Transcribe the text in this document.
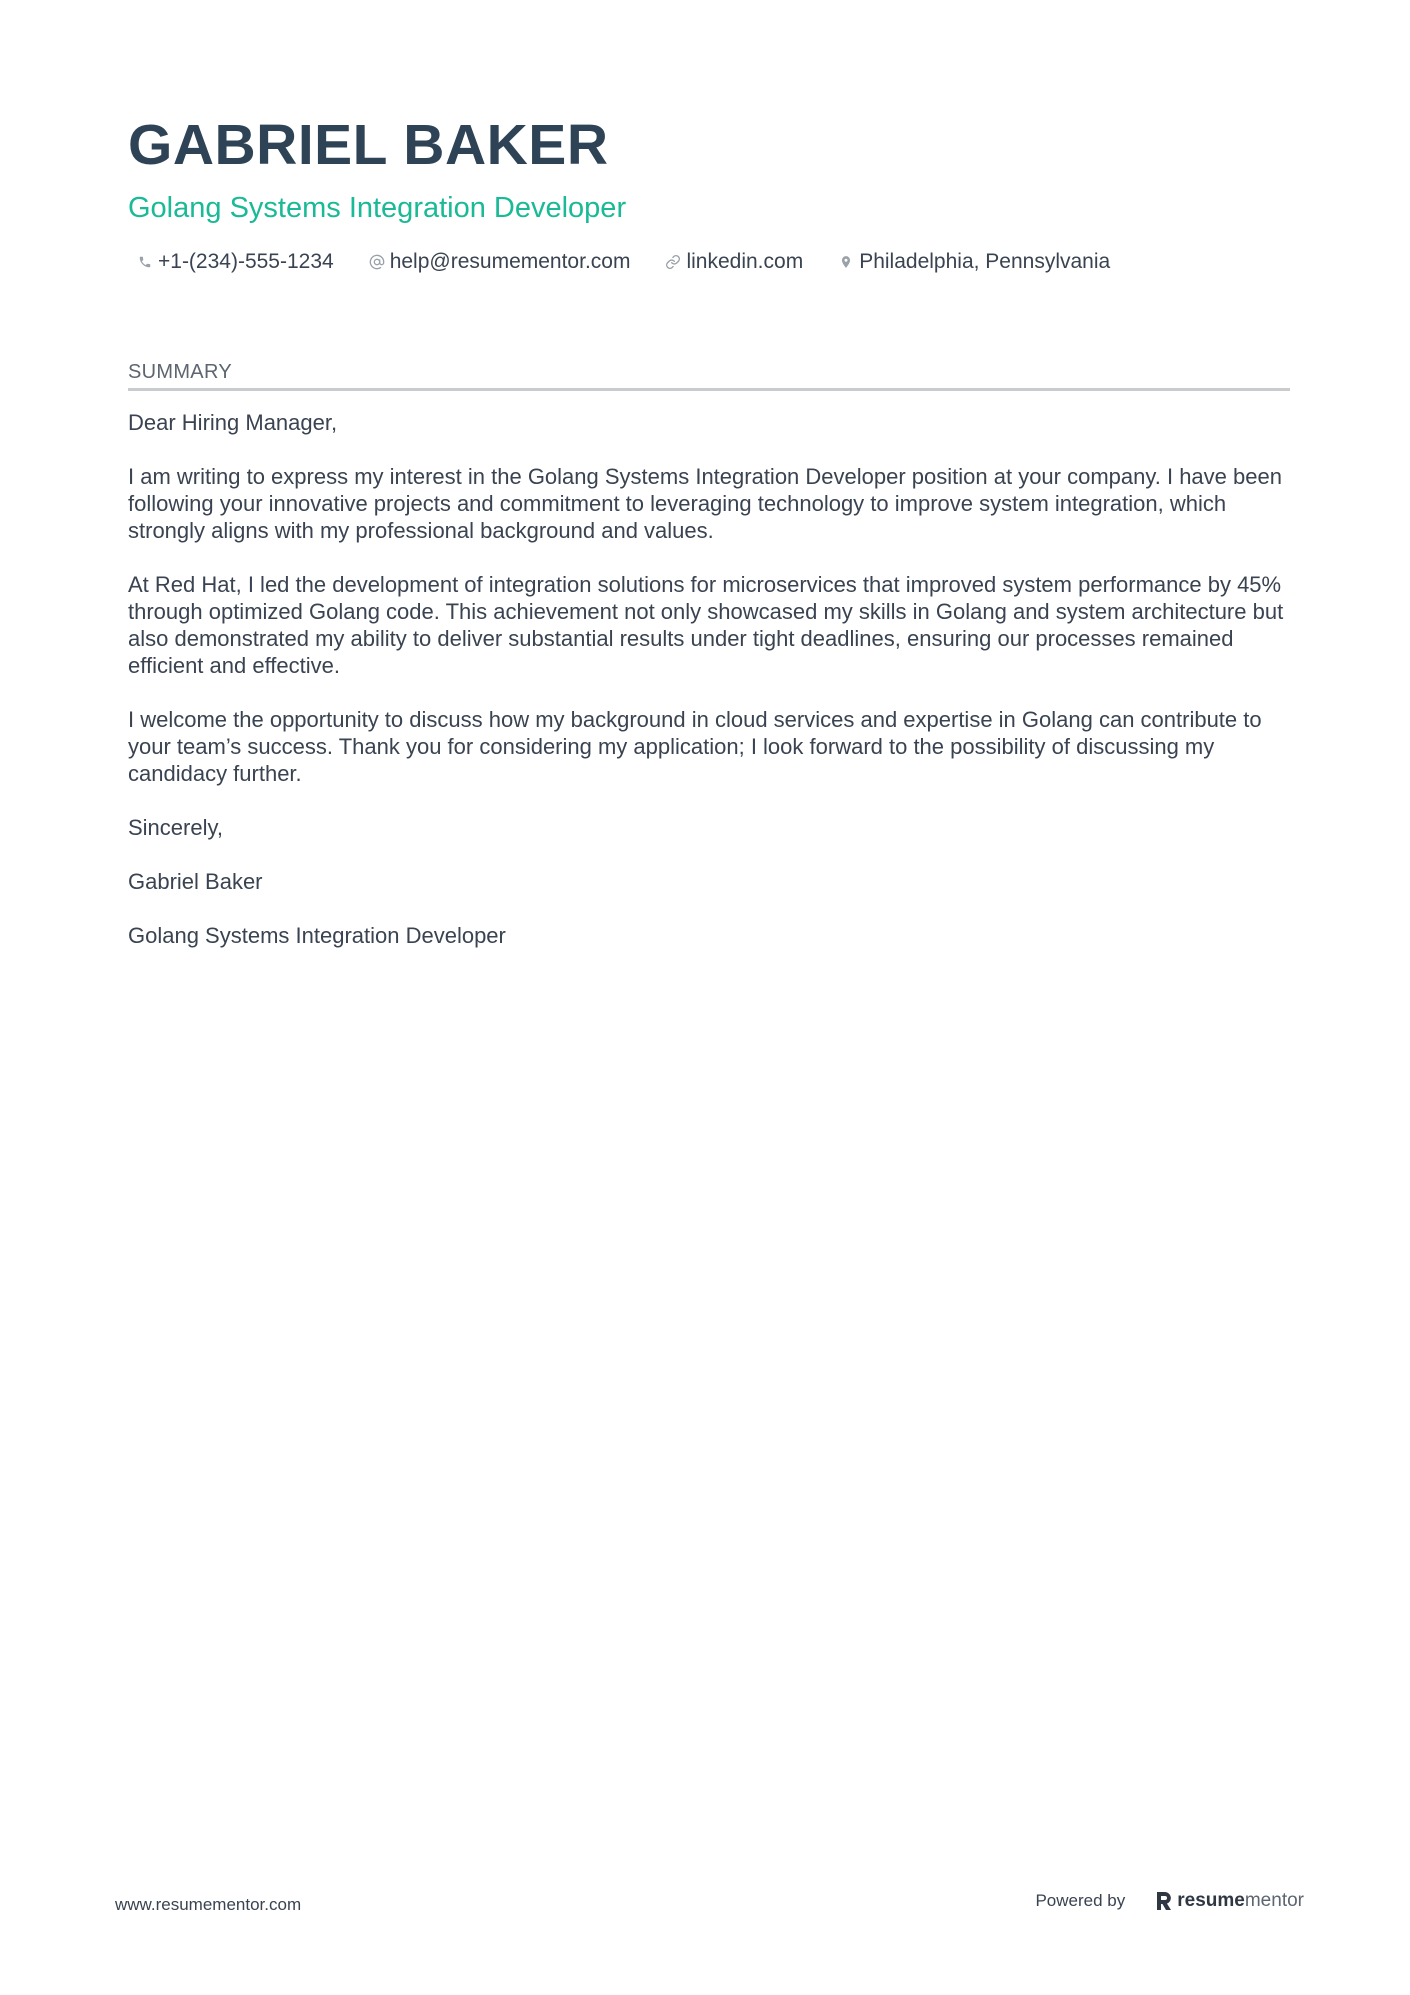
GABRIEL BAKER
Golang Systems Integration Developer
+1-(234)-555-1234	help@resumementor.com	linkedin.com	Philadelphia, Pennsylvania
SUMMARY

Dear Hiring Manager,

I am writing to express my interest in the Golang Systems Integration Developer position at your company. I have been following your innovative projects and commitment to leveraging technology to improve system integration, which strongly aligns with my professional background and values.

At Red Hat, I led the development of integration solutions for microservices that improved system performance by 45% through optimized Golang code. This achievement not only showcased my skills in Golang and system architecture but also demonstrated my ability to deliver substantial results under tight deadlines, ensuring our processes remained efficient and effective.

I welcome the opportunity to discuss how my background in cloud services and expertise in Golang can contribute to your team’s success. Thank you for considering my application; I look forward to the possibility of discussing my candidacy further.

Sincerely,

Gabriel Baker

Golang Systems Integration Developer

www.resumementor.com	Powered by	resume mentor
